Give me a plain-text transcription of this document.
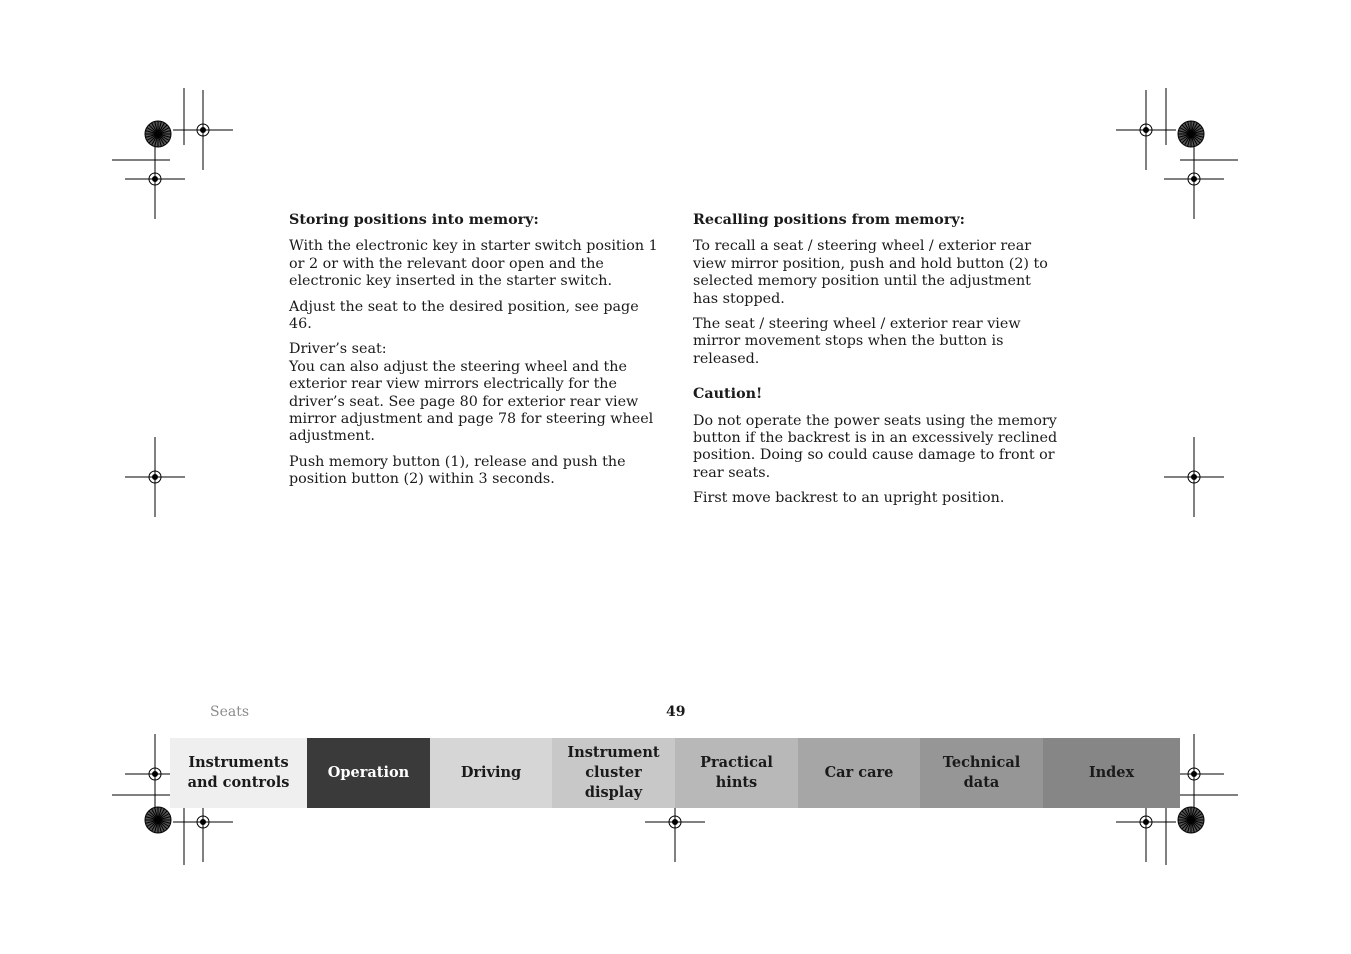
Storing positions into memory:

With the electronic key in starter switch position 1 or 2 or with the relevant door open and the electronic key inserted in the starter switch.

Adjust the seat to the desired position, see page 46.

Driver’s seat:
You can also adjust the steering wheel and the exterior rear view mirrors electrically for the driver’s seat. See page 80 for exterior rear view mirror adjustment and page 78 for steering wheel adjustment.

Push memory button (1), release and push the position button (2) within 3 seconds.

Recalling positions from memory:

To recall a seat / steering wheel / exterior rear view mirror position, push and hold button (2) to selected memory position until the adjustment has stopped.

The seat / steering wheel / exterior rear view mirror movement stops when the button is released.

Caution!

Do not operate the power seats using the memory button if the backrest is in an excessively reclined position. Doing so could cause damage to front or rear seats.

First move backrest to an upright position.

Seats	49
Instruments
and controls
Operation	Driving
Instrument
cluster display
Practical hints
Car care
Technical
data
Index
